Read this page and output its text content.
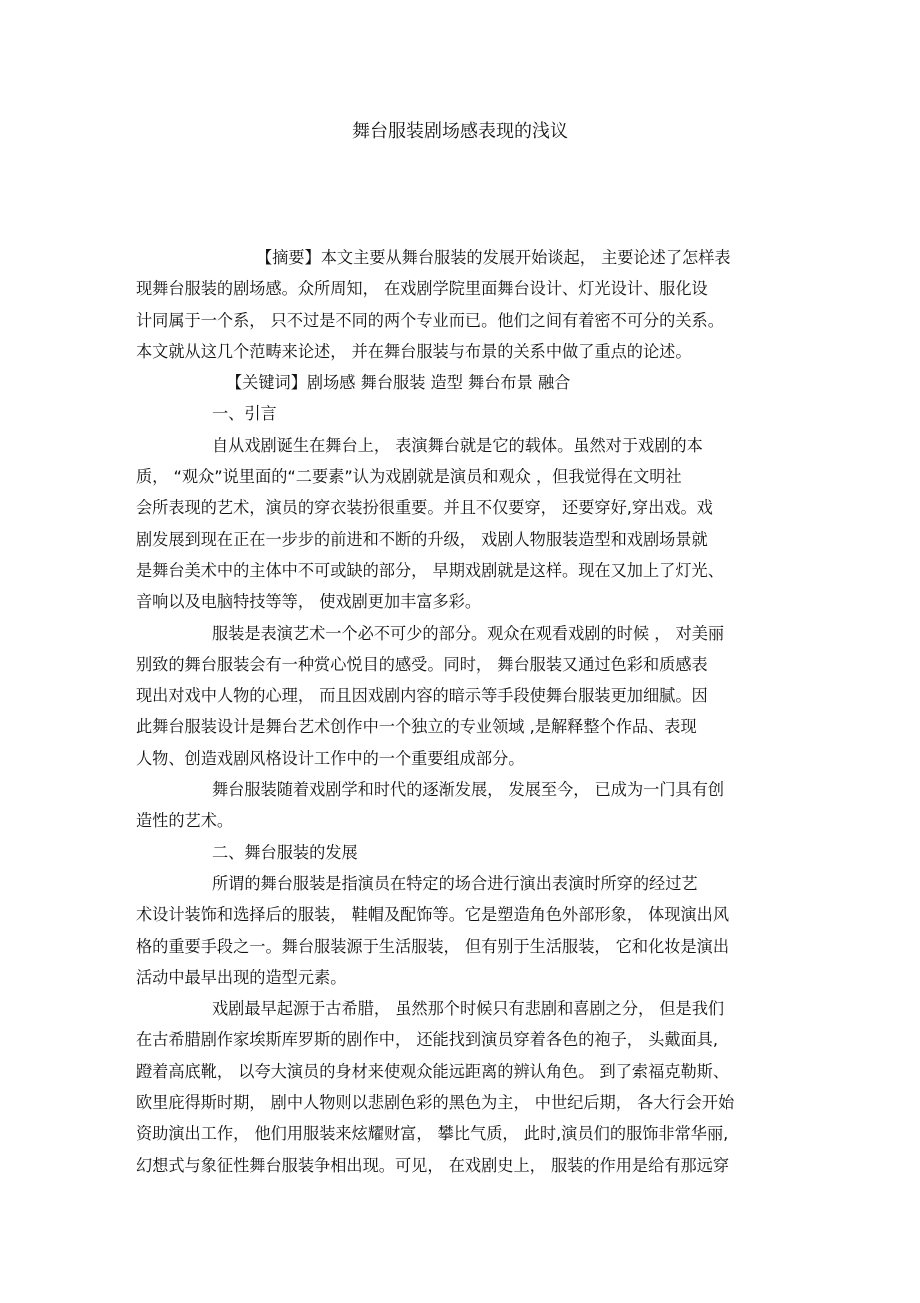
舞台服装剧场感表现的浅议
【摘要】本文主要从舞台服装的发展开始谈起， 主要论述了怎样表
现舞台服装的剧场感。众所周知， 在戏剧学院里面舞台设计、灯光设计、服化设
计同属于一个系， 只不过是不同的两个专业而已。他们之间有着密不可分的关系。
本文就从这几个范畴来论述， 并在舞台服装与布景的关系中做了重点的论述。
【关键词】剧场感 舞台服装 造型 舞台布景 融合
一、引言
自从戏剧诞生在舞台上， 表演舞台就是它的载体。虽然对于戏剧的本
质， “观众”说里面的“二要素”认为戏剧就是演员和观众 ，但我觉得在文明社
会所表现的艺术，演员的穿衣装扮很重要。并且不仅要穿， 还要穿好,穿出戏。戏
剧发展到现在正在一步步的前进和不断的升级， 戏剧人物服装造型和戏剧场景就
是舞台美术中的主体中不可或缺的部分， 早期戏剧就是这样。现在又加上了灯光、
音响以及电脑特技等等， 使戏剧更加丰富多彩。
服装是表演艺术一个必不可少的部分。观众在观看戏剧的时候 ， 对美丽
别致的舞台服装会有一种赏心悦目的感受。同时， 舞台服装又通过色彩和质感表
现出对戏中人物的心理， 而且因戏剧内容的暗示等手段使舞台服装更加细腻。因
此舞台服装设计是舞台艺术创作中一个独立的专业领域 ,是解释整个作品、表现
人物、创造戏剧风格设计工作中的一个重要组成部分。
舞台服装随着戏剧学和时代的逐渐发展， 发展至今， 已成为一门具有创
造性的艺术。
二、舞台服装的发展
所谓的舞台服装是指演员在特定的场合进行演出表演时所穿的经过艺
术设计装饰和选择后的服装， 鞋帽及配饰等。它是塑造角色外部形象， 体现演出风
格的重要手段之一。舞台服装源于生活服装， 但有别于生活服装， 它和化妆是演出
活动中最早出现的造型元素。
戏剧最早起源于古希腊， 虽然那个时候只有悲剧和喜剧之分， 但是我们
在古希腊剧作家埃斯库罗斯的剧作中， 还能找到演员穿着各色的袍子， 头戴面具,
蹬着高底靴， 以夸大演员的身材来使观众能远距离的辨认角色。 到了索福克勒斯、
欧里庇得斯时期， 剧中人物则以悲剧色彩的黑色为主， 中世纪后期， 各大行会开始
资助演出工作， 他们用服装来炫耀财富， 攀比气质， 此时,演员们的服饰非常华丽,
幻想式与象征性舞台服装争相出现。可见， 在戏剧史上， 服装的作用是给有那远穿
